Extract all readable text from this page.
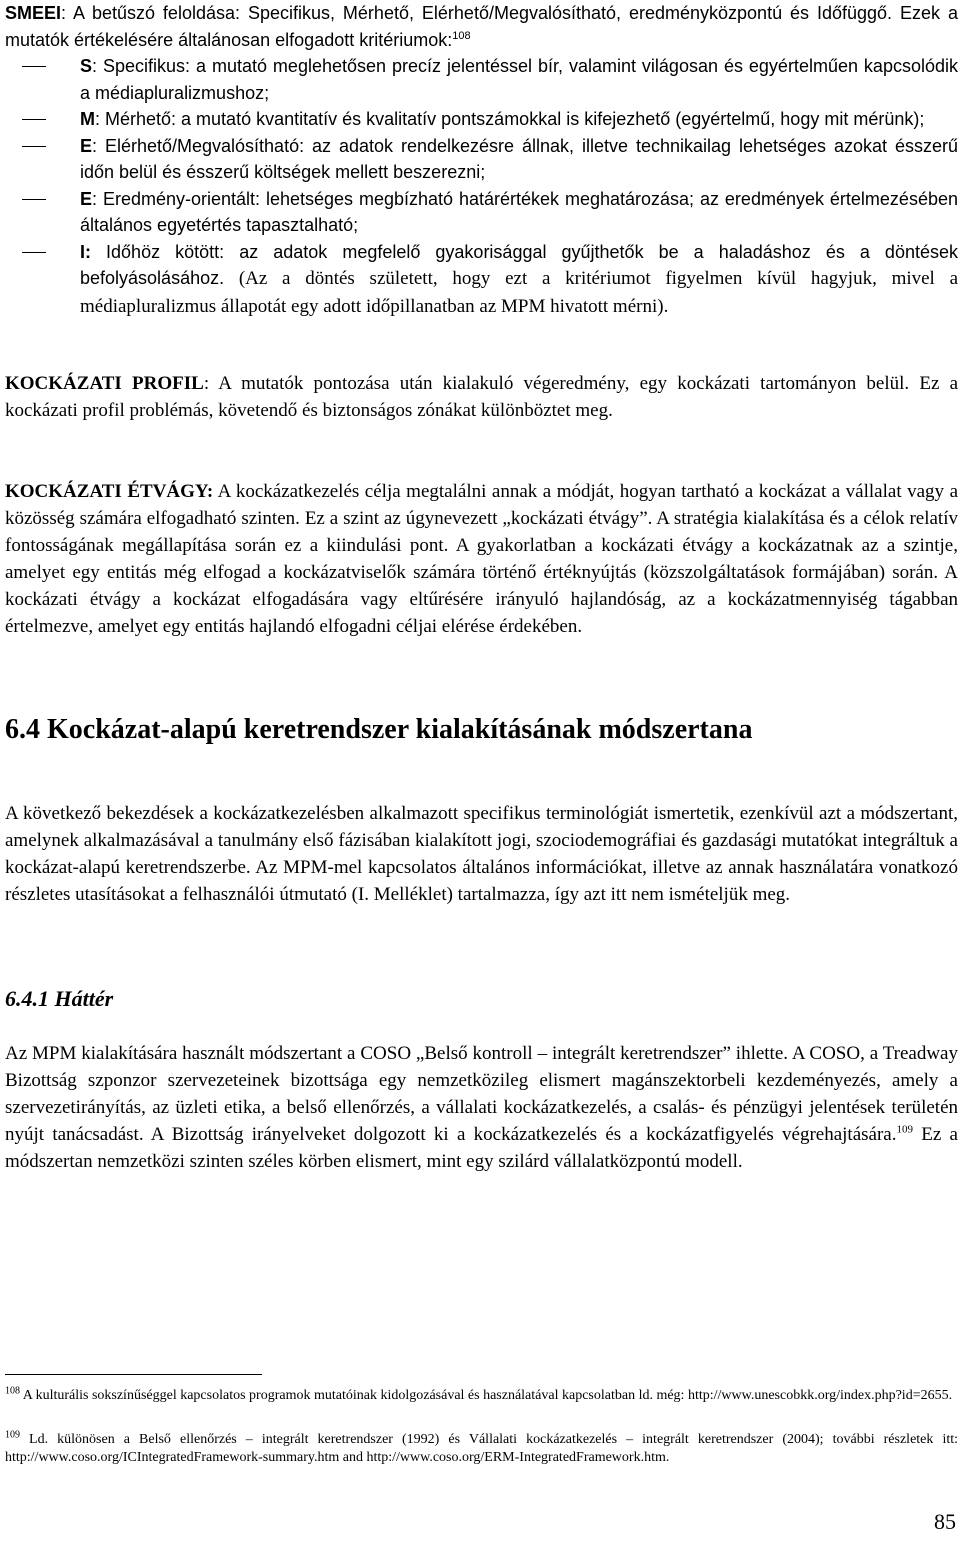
SMEEI: A betűszó feloldása: Specifikus, Mérhető, Elérhető/Megvalósítható, eredményközpontú és Időfüggő. Ezek a mutatók értékelésére általánosan elfogadott kritériumok:$^{108}$

S: Specifikus: a mutató meglehetősen precíz jelentéssel bír, valamint világosan és egyértelműen kapcsolódik a médiapluralizmushoz;
M: Mérhető: a mutató kvantitatív és kvalitatív pontszámokkal is kifejezhető (egyértelmű, hogy mit mérünk);
E: Elérhető/Megvalósítható: az adatok rendelkezésre állnak, illetve technikailag lehetséges azokat ésszerű időn belül és ésszerű költségek mellett beszerezni;
E: Eredmény-orientált: lehetséges megbízható határértékek meghatározása; az eredmények értelmezésében általános egyetértés tapasztalható;
I: Időhöz kötött: az adatok megfelelő gyakorisággal gyűjthetők be a haladáshoz és a döntések befolyásolásához. (Az a döntés született, hogy ezt a kritériumot figyelmen kívül hagyjuk, mivel a médiapluralizmus állapotát egy adott időpillanatban az MPM hivatott mérni).

KOCKÁZATI PROFIL: A mutatók pontozása után kialakuló végeredmény, egy kockázati tartományon belül. Ez a kockázati profil problémás, követendő és biztonságos zónákat különböztet meg.

KOCKÁZATI ÉTVÁGY: A kockázatkezelés célja megtalálni annak a módját, hogyan tartható a kockázat a vállalat vagy a közösség számára elfogadható szinten. Ez a szint az úgynevezett „kockázati étvágy”. A stratégia kialakítása és a célok relatív fontosságának megállapítása során ez a kiindulási pont. A gyakorlatban a kockázati étvágy a kockázatnak az a szintje, amelyet egy entitás még elfogad a kockázatviselők számára történő értéknyújtás (közszolgáltatások formájában) során. A kockázati étvágy a kockázat elfogadására vagy eltűrésére irányuló hajlandóság, az a kockázatmennyiség tágabban értelmezve, amelyet egy entitás hajlandó elfogadni céljai elérése érdekében.

6.4 Kockázat-alapú keretrendszer kialakításának módszertana

A következő bekezdések a kockázatkezelésben alkalmazott specifikus terminológiát ismertetik, ezenkívül azt a módszertant, amelynek alkalmazásával a tanulmány első fázisában kialakított jogi, szociodemográfiai és gazdasági mutatókat integráltuk a kockázat-alapú keretrendszerbe. Az MPM-mel kapcsolatos általános információkat, illetve az annak használatára vonatkozó részletes utasításokat a felhasználói útmutató (I. Melléklet) tartalmazza, így azt itt nem ismételjük meg.

6.4.1 Háttér

Az MPM kialakítására használt módszertant a COSO „Belső kontroll – integrált keretrendszer” ihlette. A COSO, a Treadway Bizottság szponzor szervezeteinek bizottsága egy nemzetközileg elismert magánszektorbeli kezdeményezés, amely a szervezetirányítás, az üzleti etika, a belső ellenőrzés, a vállalati kockázatkezelés, a csalás- és pénzügyi jelentések területén nyújt tanácsadást. A Bizottság irányelveket dolgozott ki a kockázatkezelés és a kockázatfigyelés végrehajtására.$^{109}$ Ez a módszertan nemzetközi szinten széles körben elismert, mint egy szilárd vállalatközpontú modell.

$^{108}$ A kulturális sokszínűséggel kapcsolatos programok mutatóinak kidolgozásával és használatával kapcsolatban ld. még: http://www.unescobkk.org/index.php?id=2655.

$^{109}$ Ld. különösen a Belső ellenőrzés – integrált keretrendszer (1992) és Vállalati kockázatkezelés – integrált keretrendszer (2004); további részletek itt: http://www.coso.org/ICIntegratedFramework-summary.htm and http://www.coso.org/ERM-IntegratedFramework.htm.

85
